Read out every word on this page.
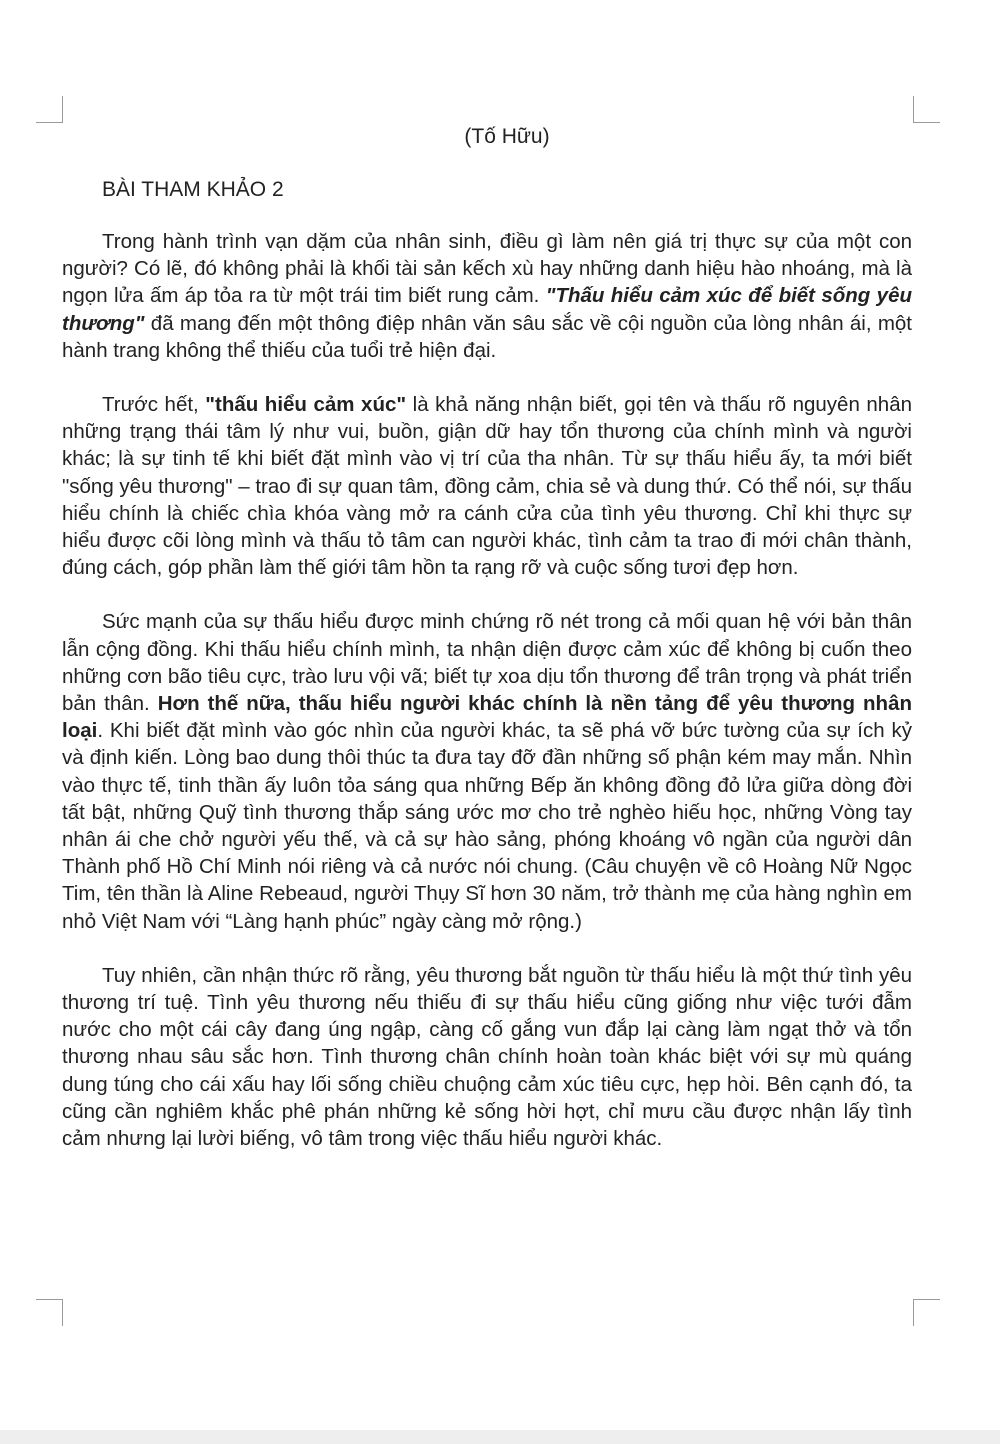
(Tố Hữu)
BÀI THAM KHẢO 2

Trong hành trình vạn dặm của nhân sinh, điều gì làm nên giá trị thực sự của một con người? Có lẽ, đó không phải là khối tài sản kếch xù hay những danh hiệu hào nhoáng, mà là ngọn lửa ấm áp tỏa ra từ một trái tim biết rung cảm. "Thấu hiểu cảm xúc để biết sống yêu thương" đã mang đến một thông điệp nhân văn sâu sắc về cội nguồn của lòng nhân ái, một hành trang không thể thiếu của tuổi trẻ hiện đại.

Trước hết, "thấu hiểu cảm xúc" là khả năng nhận biết, gọi tên và thấu rõ nguyên nhân những trạng thái tâm lý như vui, buồn, giận dữ hay tổn thương của chính mình và người khác; là sự tinh tế khi biết đặt mình vào vị trí của tha nhân. Từ sự thấu hiểu ấy, ta mới biết "sống yêu thương" – trao đi sự quan tâm, đồng cảm, chia sẻ và dung thứ. Có thể nói, sự thấu hiểu chính là chiếc chìa khóa vàng mở ra cánh cửa của tình yêu thương. Chỉ khi thực sự hiểu được cõi lòng mình và thấu tỏ tâm can người khác, tình cảm ta trao đi mới chân thành, đúng cách, góp phần làm thế giới tâm hồn ta rạng rỡ và cuộc sống tươi đẹp hơn.

Sức mạnh của sự thấu hiểu được minh chứng rõ nét trong cả mối quan hệ với bản thân lẫn cộng đồng. Khi thấu hiểu chính mình, ta nhận diện được cảm xúc để không bị cuốn theo những cơn bão tiêu cực, trào lưu vội vã; biết tự xoa dịu tổn thương để trân trọng và phát triển bản thân. Hơn thế nữa, thấu hiểu người khác chính là nền tảng để yêu thương nhân loại. Khi biết đặt mình vào góc nhìn của người khác, ta sẽ phá vỡ bức tường của sự ích kỷ và định kiến. Lòng bao dung thôi thúc ta đưa tay đỡ đần những số phận kém may mắn. Nhìn vào thực tế, tinh thần ấy luôn tỏa sáng qua những Bếp ăn không đồng đỏ lửa giữa dòng đời tất bật, những Quỹ tình thương thắp sáng ước mơ cho trẻ nghèo hiếu học, những Vòng tay nhân ái che chở người yếu thế, và cả sự hào sảng, phóng khoáng vô ngần của người dân Thành phố Hồ Chí Minh nói riêng và cả nước nói chung. (Câu chuyện về cô Hoàng Nữ Ngọc Tim, tên thần là Aline Rebeaud, người Thụy Sĩ hơn 30 năm, trở thành mẹ của hàng nghìn em nhỏ Việt Nam với “Làng hạnh phúc” ngày càng mở rộng.)

Tuy nhiên, cần nhận thức rõ rằng, yêu thương bắt nguồn từ thấu hiểu là một thứ tình yêu thương trí tuệ. Tình yêu thương nếu thiếu đi sự thấu hiểu cũng giống như việc tưới đẫm nước cho một cái cây đang úng ngập, càng cố gắng vun đắp lại càng làm ngạt thở và tổn thương nhau sâu sắc hơn. Tình thương chân chính hoàn toàn khác biệt với sự mù quáng dung túng cho cái xấu hay lối sống chiều chuộng cảm xúc tiêu cực, hẹp hòi. Bên cạnh đó, ta cũng cần nghiêm khắc phê phán những kẻ sống hời hợt, chỉ mưu cầu được nhận lấy tình cảm nhưng lại lười biếng, vô tâm trong việc thấu hiểu người khác.
